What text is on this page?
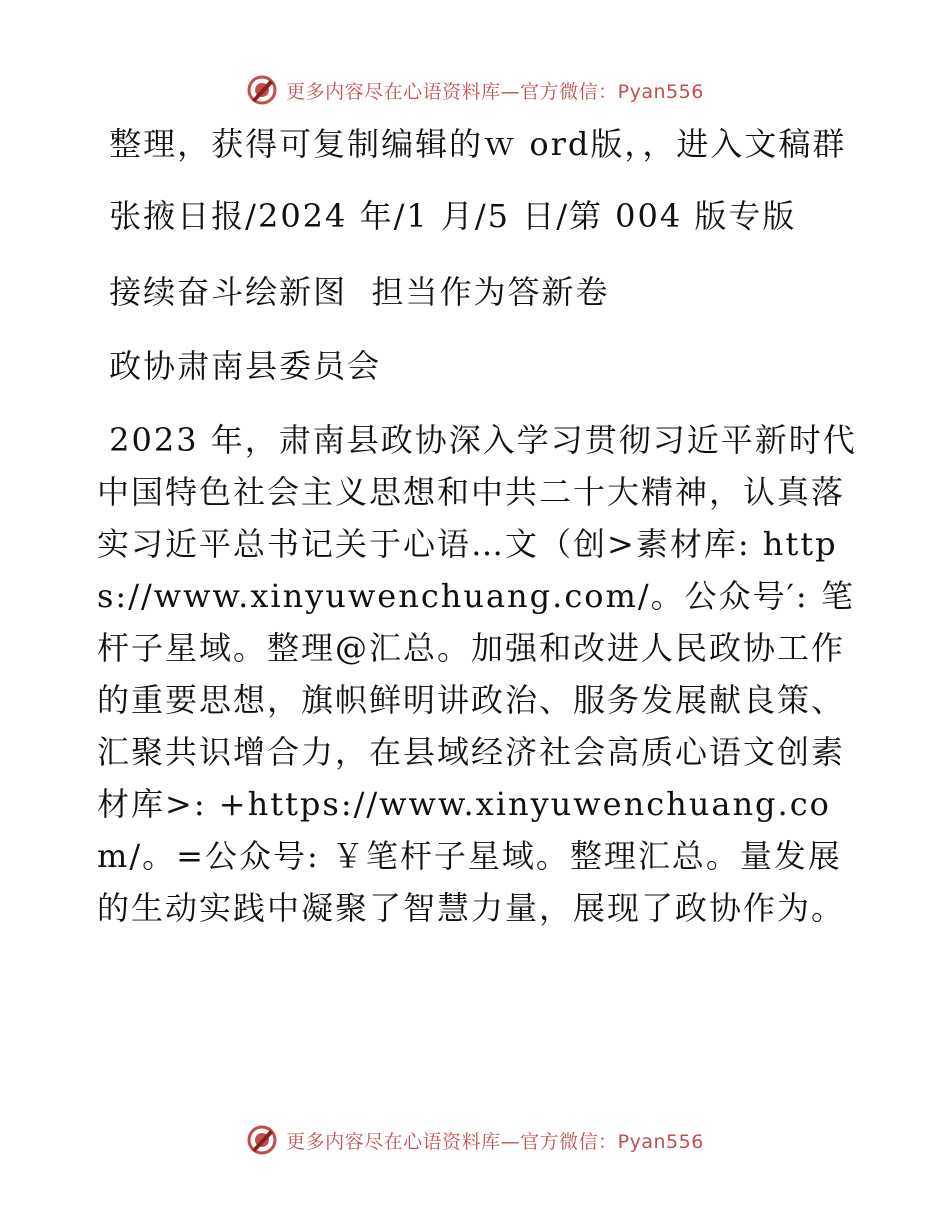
更多内容尽在心语资料库—官方微信：Pyan556

整理，获得可复制编辑的ｗ ord版，，进入文稿群

张掖日报/2024 年/1 月/5 日/第 004 版专版

接续奋斗绘新图  担当作为答新卷

政协肃南县委员会

2023 年，肃南县政协深入学习贯彻习近平新时代中国特色社会主义思想和中共二十大精神，认真落实习近平总书记关于心语…文（创>素材库: https://www.xinyuwenchuang.com/。公众号′: 笔杆子星域。整理@汇总。加强和改进人民政协工作的重要思想，旗帜鲜明讲政治、服务发展献良策、汇聚共识增合力，在县域经济社会高质心语文创素材库>: +https://www.xinyuwenchuang.com/。=公众号: ￥笔杆子星域。整理汇总。量发展的生动实践中凝聚了智慧力量，展现了政协作为。

更多内容尽在心语资料库—官方微信：Pyan556
